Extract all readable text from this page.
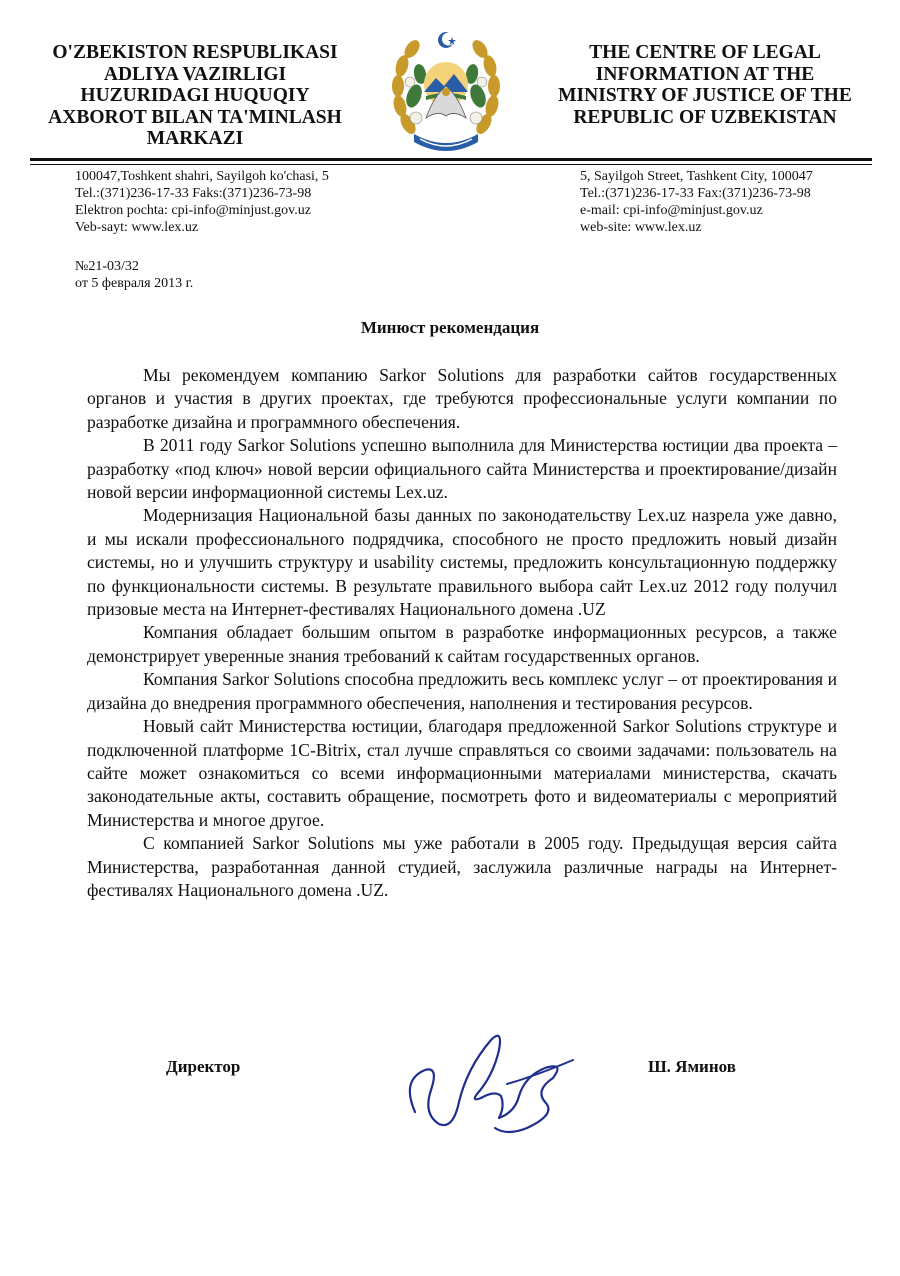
O'ZBEKISTON RESPUBLIKASI
ADLIYA VAZIRLIGI
HUZURIDAGI HUQUQIY
AXBOROT BILAN TA'MINLASH
MARKAZI
THE CENTRE OF LEGAL
INFORMATION AT THE
MINISTRY OF JUSTICE OF THE
REPUBLIC OF UZBEKISTAN
100047,Toshkent shahri, Sayilgoh ko'chasi, 5
Tel.:(371)236-17-33 Faks:(371)236-73-98
Elektron pochta: cpi-info@minjust.gov.uz
Veb-sayt: www.lex.uz
5, Sayilgoh Street, Tashkent City, 100047
Tel.:(371)236-17-33 Fax:(371)236-73-98
e-mail: cpi-info@minjust.gov.uz
web-site: www.lex.uz
№21-03/32
от 5 февраля 2013 г.
Минюст рекомендация

Мы рекомендуем компанию Sarkor Solutions для разработки сайтов государственных органов и участия в других проектах, где требуются профессиональные услуги компании по разработке дизайна и программного обеспечения.

В 2011 году Sarkor Solutions успешно выполнила для Министерства юстиции два проекта – разработку «под ключ» новой версии официального сайта Министерства и проектирование/дизайн новой версии информационной системы Lex.uz.

Модернизация Национальной базы данных по законодательству Lex.uz назрела уже давно, и мы искали профессионального подрядчика, способного не просто предложить новый дизайн системы, но и улучшить структуру и usability системы, предложить консультационную поддержку по функциональности системы. В результате правильного выбора сайт Lex.uz 2012 году получил призовые места на Интернет-фестивалях Национального домена .UZ

Компания обладает большим опытом в разработке информационных ресурсов, а также демонстрирует уверенные знания требований к сайтам государственных органов.

Компания Sarkor Solutions способна предложить весь комплекс услуг – от проектирования и дизайна до внедрения программного обеспечения, наполнения и тестирования ресурсов.

Новый сайт Министерства юстиции, благодаря предложенной Sarkor Solutions структуре и подключенной платформе 1С-Bitrix, стал лучше справляться со своими задачами: пользователь на сайте может ознакомиться со всеми информационными материалами министерства, скачать законодательные акты, составить обращение, посмотреть фото и видеоматериалы с мероприятий Министерства и многое другое.

С компанией Sarkor Solutions мы уже работали в 2005 году. Предыдущая версия сайта Министерства, разработанная данной студией, заслужила различные награды на Интернет-фестивалях Национального домена .UZ.

Директор	Ш. Яминов
